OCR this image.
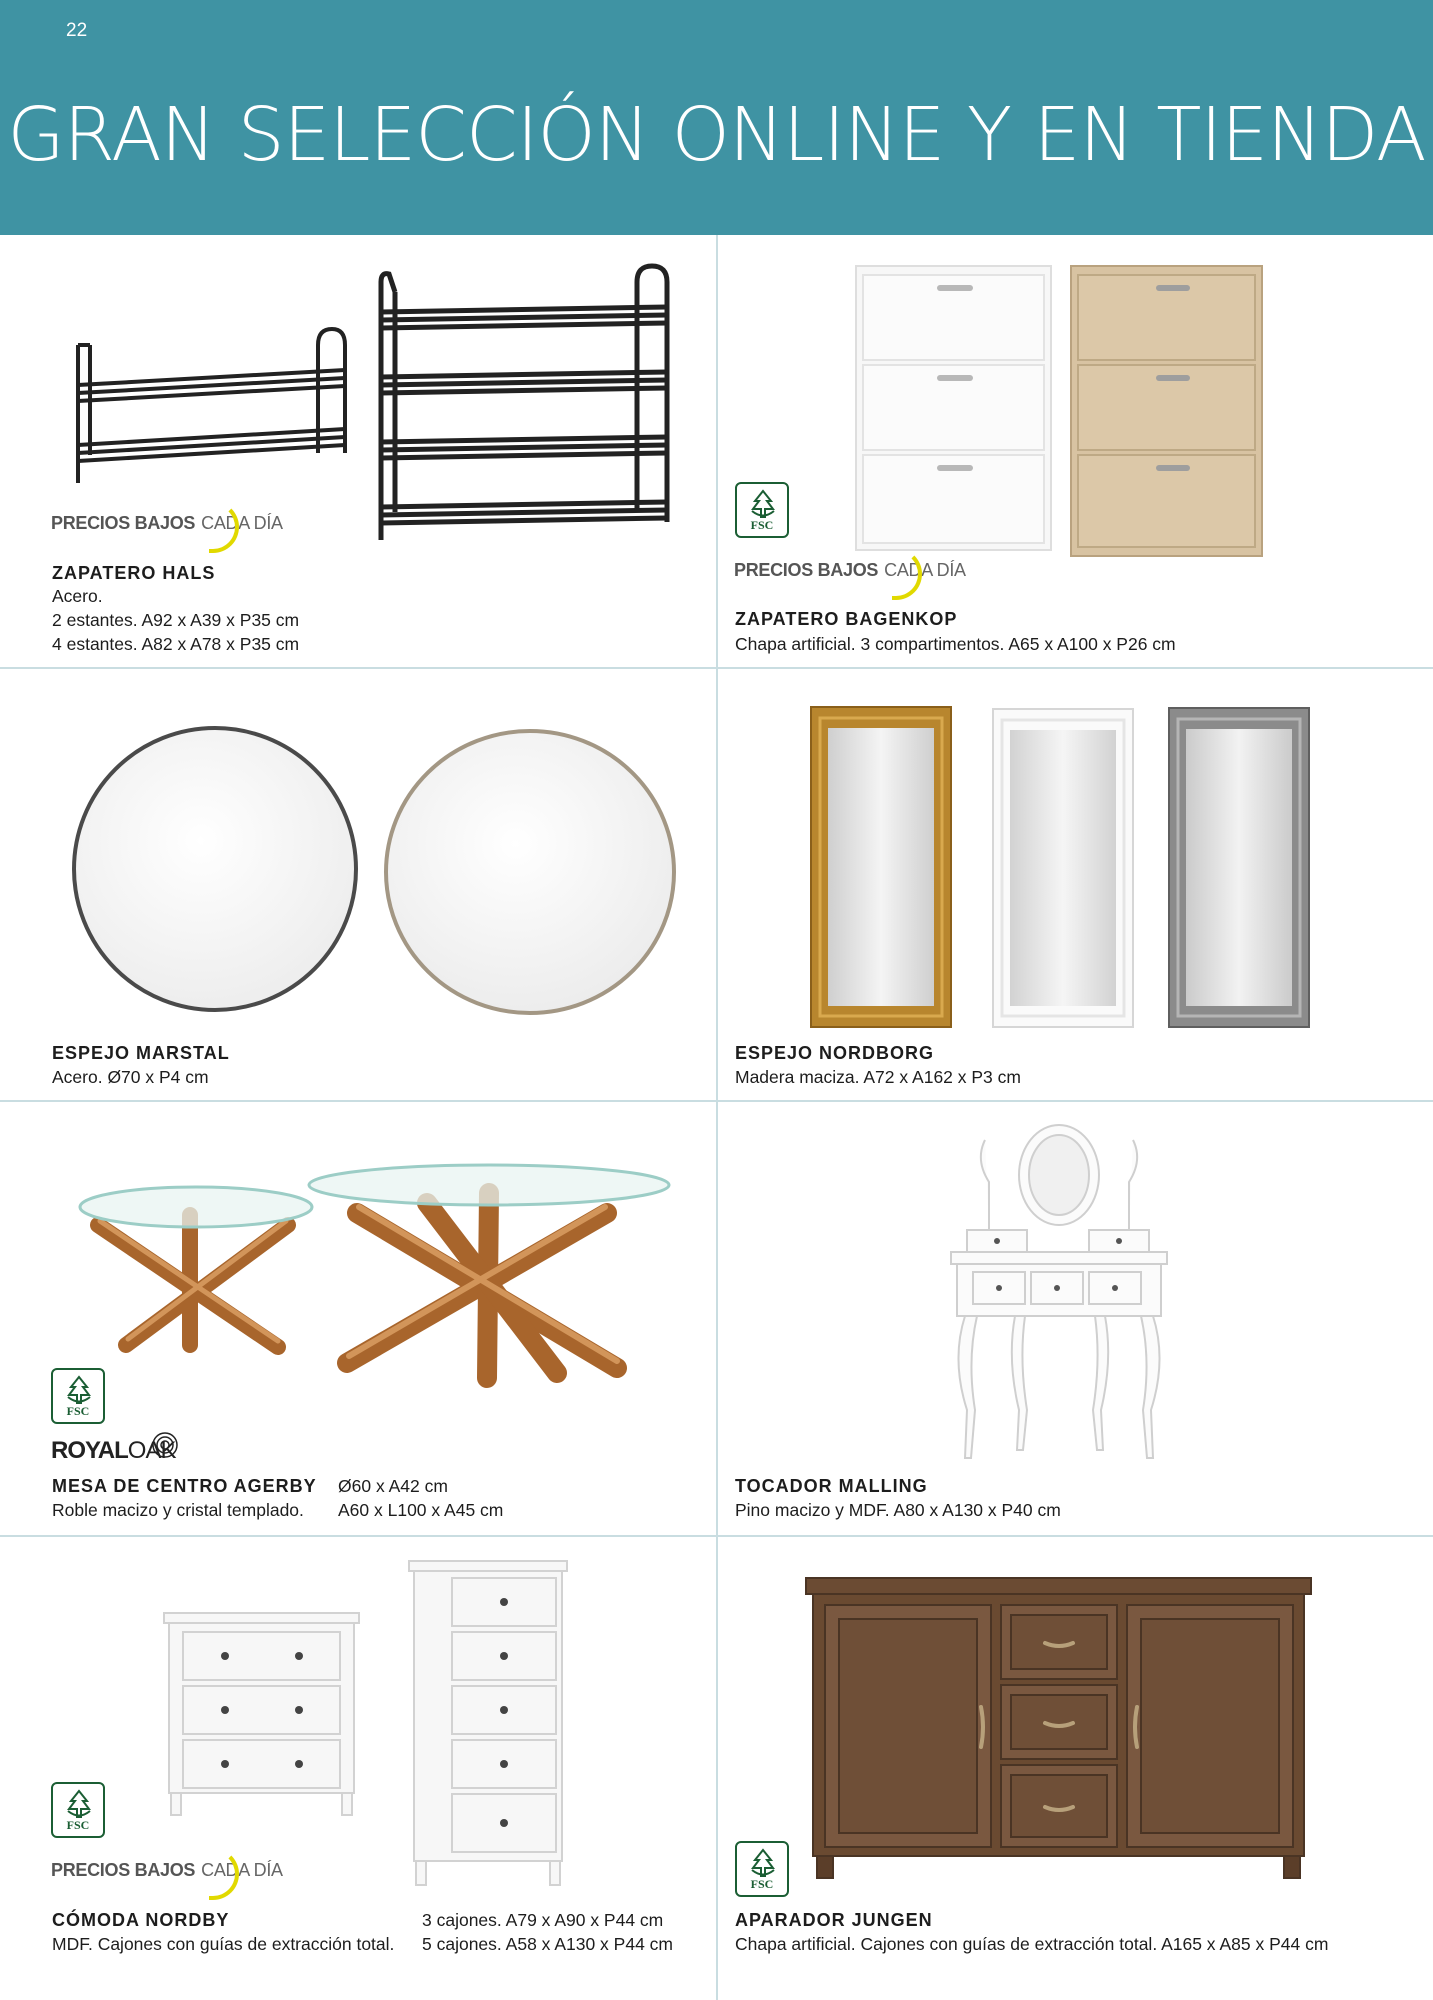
22
GRAN SELECCIÓN ONLINE Y EN TIENDA
PRECIOS BAJOS CADA DÍA
ZAPATERO HALS
Acero.
2 estantes. A92 x A39 x P35 cm
4 estantes. A82 x A78 x P35 cm
FSC
PRECIOS BAJOS CADA DÍA
ZAPATERO BAGENKOP
Chapa artificial. 3 compartimentos. A65 x A100 x P26 cm
ESPEJO MARSTAL
Acero. Ø70 x P4 cm
ESPEJO NORDBORG
Madera maciza. A72 x A162 x P3 cm
FSC
ROYALOAK
MESA DE CENTRO AGERBY
Roble macizo y cristal templado.
Ø60 x A42 cm
A60 x L100 x A45 cm
TOCADOR MALLING
Pino macizo y MDF. A80 x A130 x P40 cm
FSC
PRECIOS BAJOS CADA DÍA
CÓMODA NORDBY
MDF. Cajones con guías de extracción total.
3 cajones. A79 x A90 x P44 cm
5 cajones. A58 x A130 x P44 cm
FSC
APARADOR JUNGEN
Chapa artificial. Cajones con guías de extracción total. A165 x A85 x P44 cm
